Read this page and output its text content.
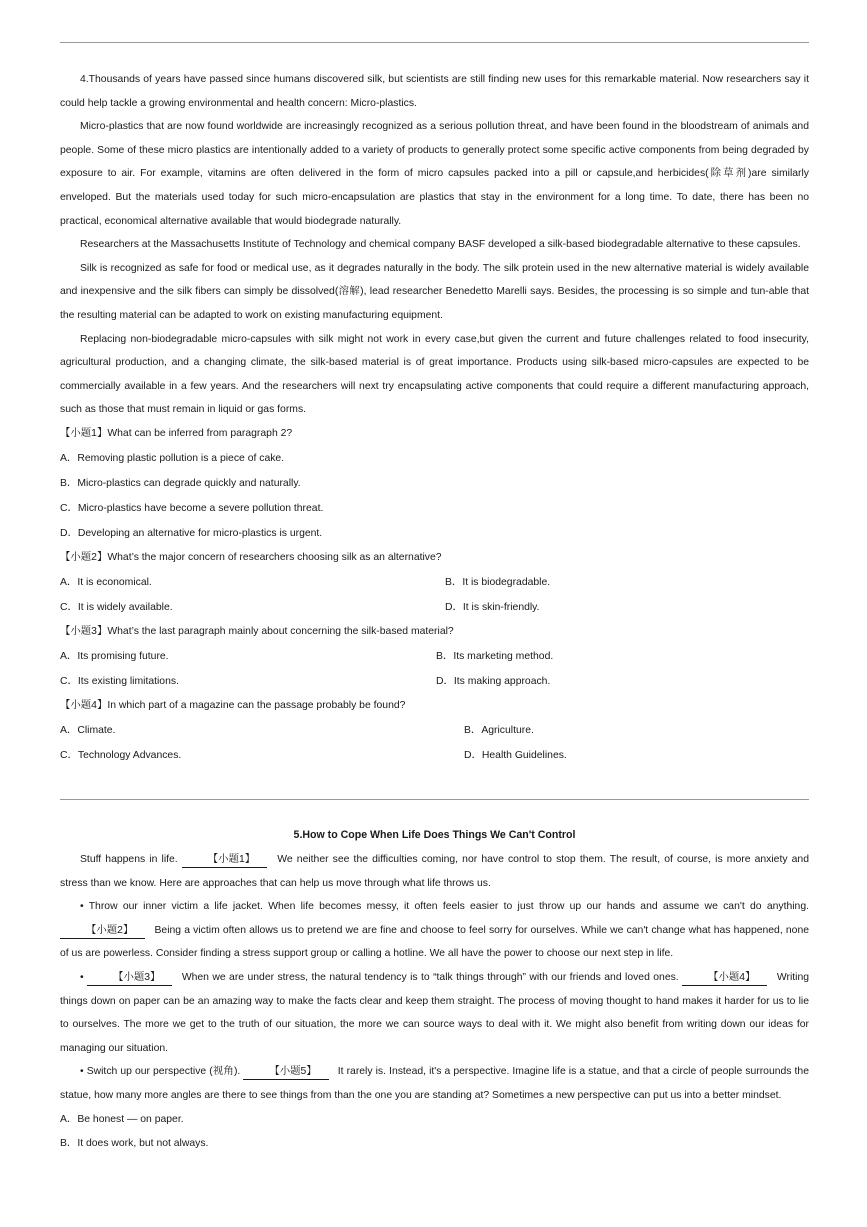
4.Thousands of years have passed since humans discovered silk, but scientists are still finding new uses for this remarkable material. Now researchers say it could help tackle a growing environmental and health concern: Micro-plastics.

Micro-plastics that are now found worldwide are increasingly recognized as a serious pollution threat, and have been found in the bloodstream of animals and people. Some of these micro plastics are intentionally added to a variety of products to generally protect some specific active components from being degraded by exposure to air. For example, vitamins are often delivered in the form of micro capsules packed into a pill or capsule,and herbicides(除草剂)are similarly enveloped. But the materials used today for such micro-encapsulation are plastics that stay in the environment for a long time. To date, there has been no practical, economical alternative available that would biodegrade naturally.

Researchers at the Massachusetts Institute of Technology and chemical company BASF developed a silk-based biodegradable alternative to these capsules.

Silk is recognized as safe for food or medical use, as it degrades naturally in the body. The silk protein used in the new alternative material is widely available and inexpensive and the silk fibers can simply be dissolved(溶解), lead researcher Benedetto Marelli says. Besides, the processing is so simple and tun-able that the resulting material can be adapted to work on existing manufacturing equipment.

Replacing non-biodegradable micro-capsules with silk might not work in every case,but given the current and future challenges related to food insecurity, agricultural production, and a changing climate, the silk-based material is of great importance. Products using silk-based micro-capsules are expected to be commercially available in a few years. And the researchers will next try encapsulating active components that could require a different manufacturing approach, such as those that must remain in liquid or gas forms.

【小题1】What can be inferred from paragraph 2?

A．Removing plastic pollution is a piece of cake.

B．Micro-plastics can degrade quickly and naturally.

C．Micro-plastics have become a severe pollution threat.

D．Developing an alternative for micro-plastics is urgent.

【小题2】What’s the major concern of researchers choosing silk as an alternative?

A．It is economical.	B．It is biodegradable.
C．It is widely available.	D．It is skin-friendly.

【小题3】What’s the last paragraph mainly about concerning the silk-based material?

A．Its promising future.	B．Its marketing method.
C．Its existing limitations.	D．Its making approach.

【小题4】In which part of a magazine can the passage probably be found?

A．Climate.	B．Agriculture.
C．Technology Advances.	D．Health Guidelines.
5.How to Cope When Life Does Things We Can't Control

Stuff happens in life.	【小题1】 We neither see the difficulties coming, nor have control to stop them. The result, of course, is more anxiety and stress than we know. Here are approaches that can help us move through what life throws us.

• Throw our inner victim a life jacket. When life becomes messy, it often feels easier to just throw up our hands and assume we can't do anything. 【小题2】 Being a victim often allows us to pretend we are fine and choose to feel sorry for ourselves. While we can't change what has happened, none of us are powerless. Consider finding a stress support group or calling a hotline. We all have the power to choose our next step in life.

•	【小题3】 When we are under stress, the natural tendency is to “talk things through” with our friends and loved ones.	【小题4】 Writing things down on paper can be an amazing way to make the facts clear and keep them straight. The process of moving thought to hand makes it harder for us to lie to ourselves. The more we get to the truth of our situation, the more we can source ways to deal with it. We might also benefit from writing down our ideas for managing our situation.

• Switch up our perspective (视角).	【小题5】 It rarely is. Instead, it's a perspective. Imagine life is a statue, and that a circle of people surrounds the statue, how many more angles are there to see things from than the one you are standing at? Sometimes a new perspective can put us into a better mindset.

A．Be honest — on paper.

B．It does work, but not always.
